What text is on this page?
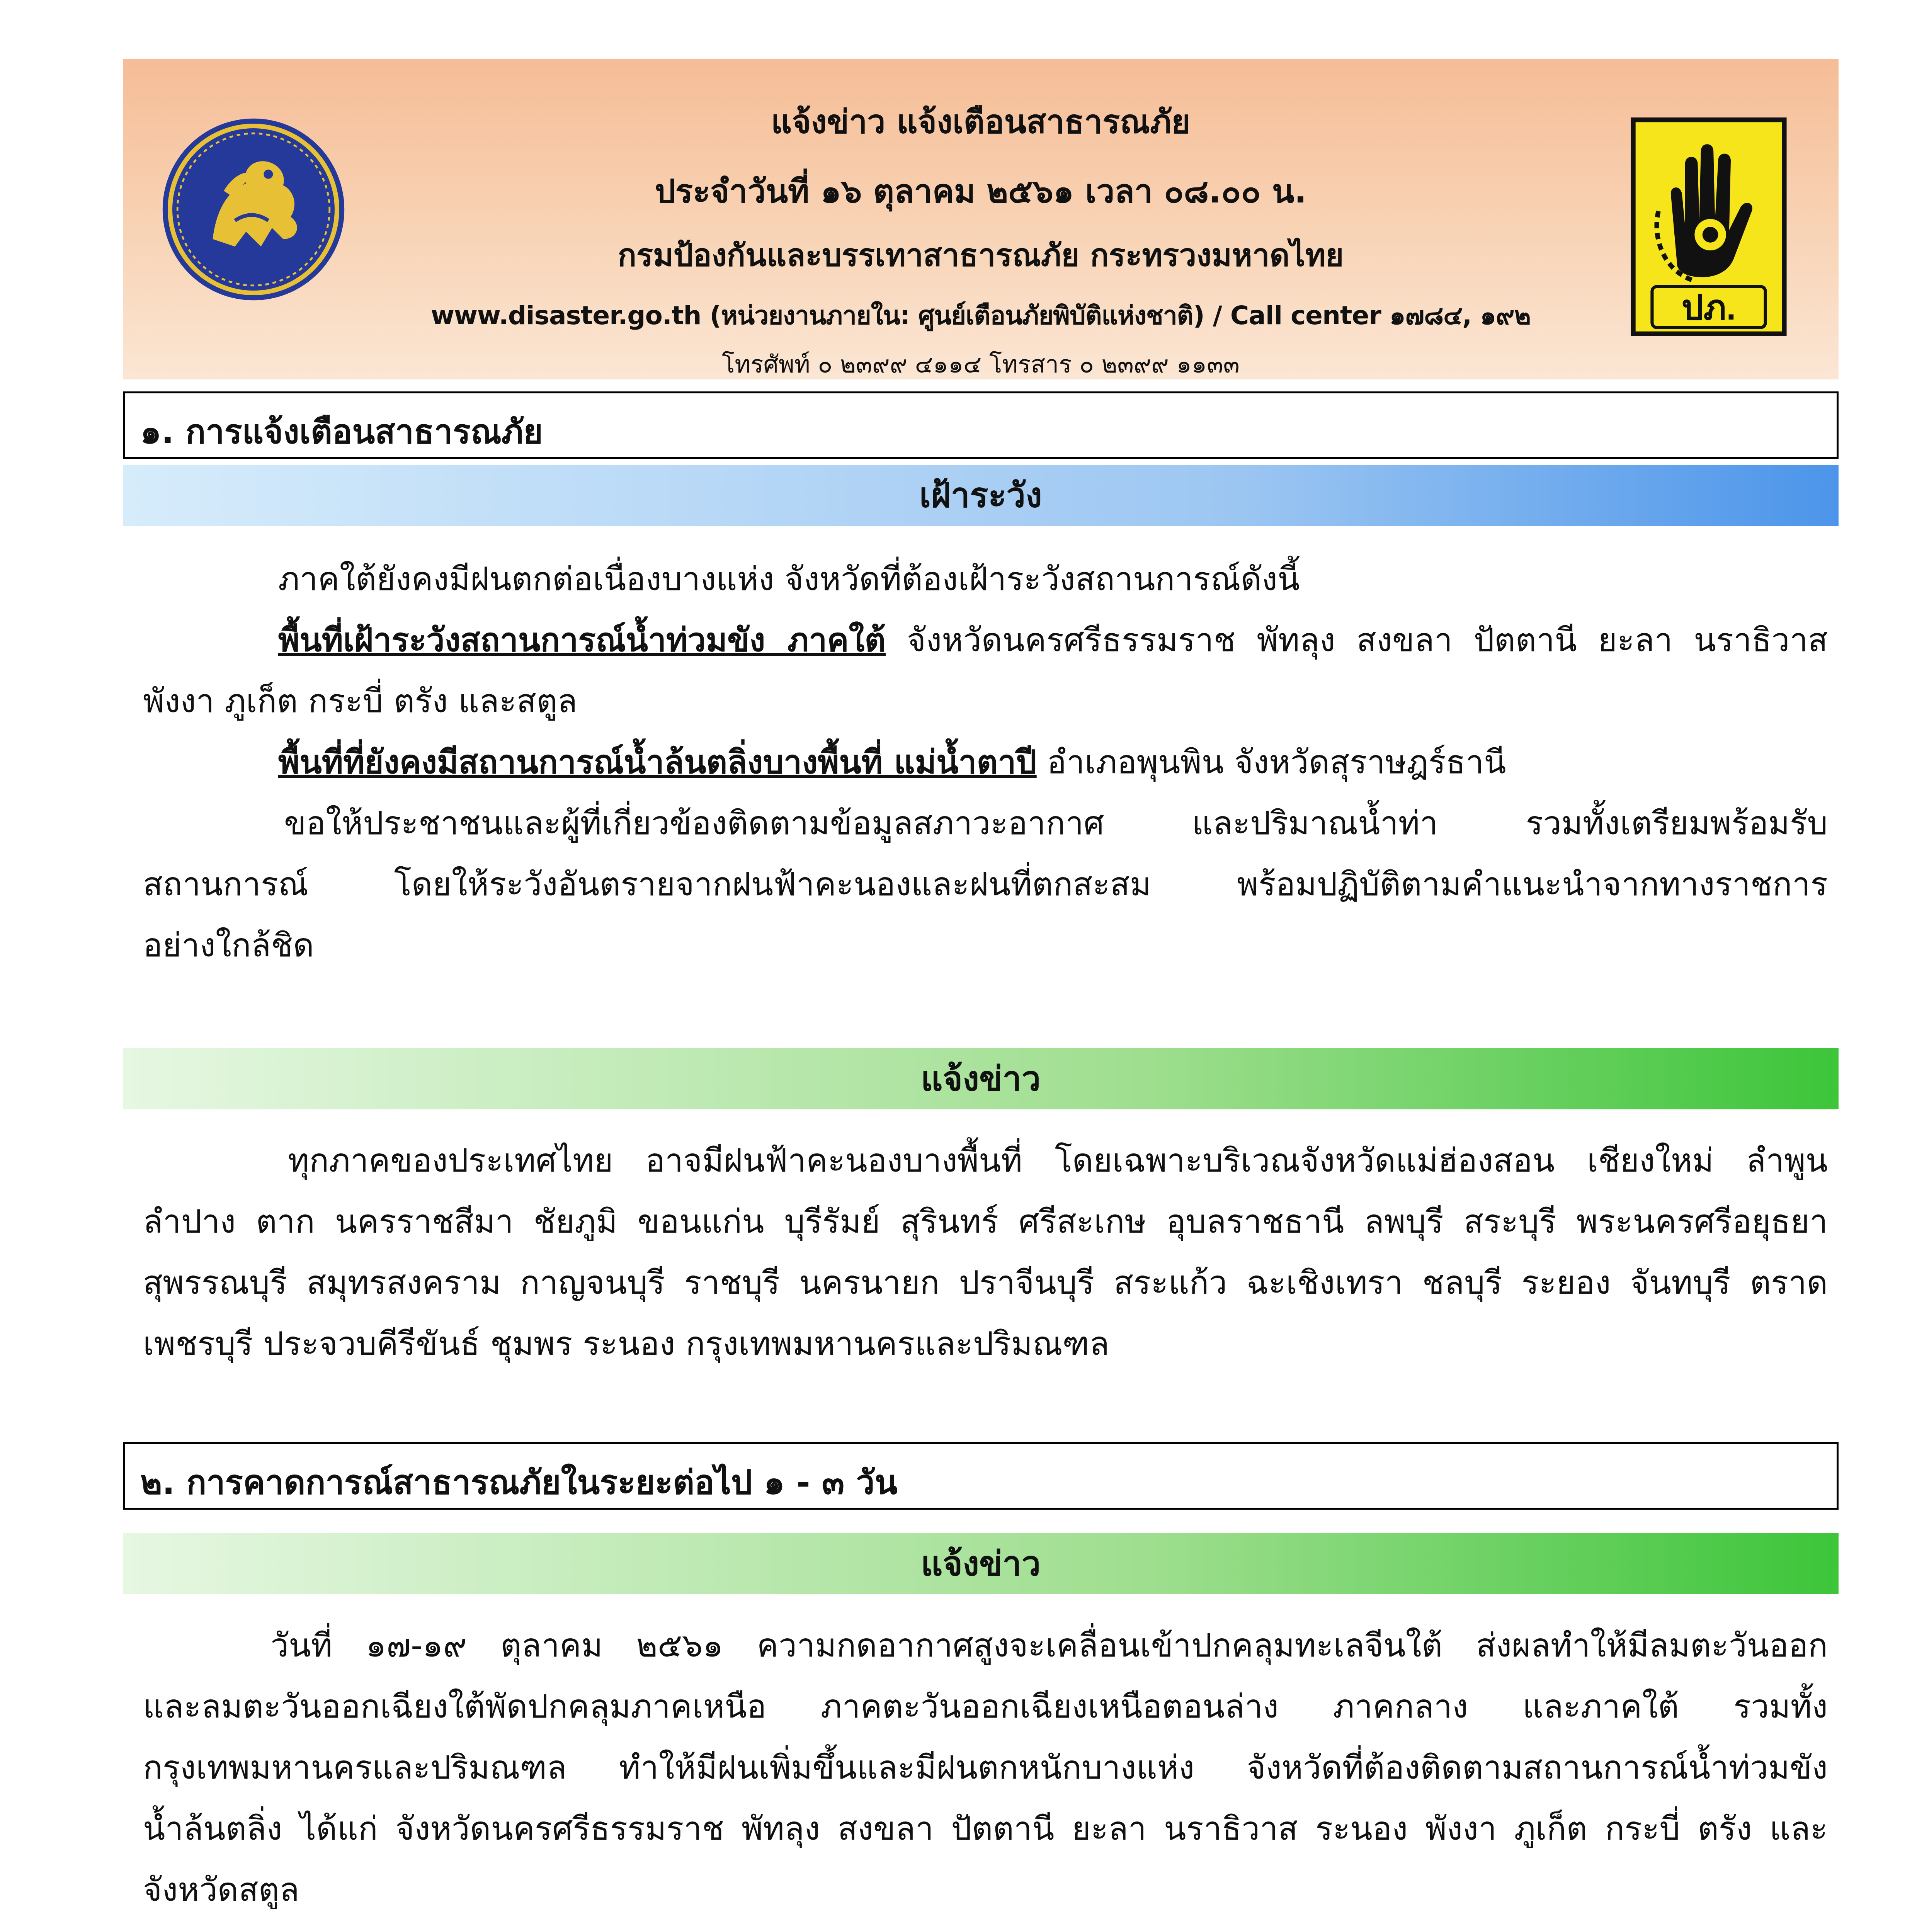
แจ้งข่าว แจ้งเตือนสาธารณภัย
ประจำวันที่ ๑๖ ตุลาคม ๒๕๖๑ เวลา ๐๘.๐๐ น.
กรมป้องกันและบรรเทาสาธารณภัย กระทรวงมหาดไทย
www.disaster.go.th (หน่วยงานภายใน: ศูนย์เตือนภัยพิบัติแห่งชาติ) / Call center ๑๗๘๔, ๑๙๒
โทรศัพท์ ๐ ๒๓๙๙ ๔๑๑๔ โทรสาร ๐ ๒๓๙๙ ๑๑๓๓
ปภ.
๑. การแจ้งเตือนสาธารณภัย
เฝ้าระวัง
ภาคใต้ยังคงมีฝนตกต่อเนื่องบางแห่ง จังหวัดที่ต้องเฝ้าระวังสถานการณ์ดังนี้
พื้นที่เฝ้าระวังสถานการณ์น้ำท่วมขัง ภาคใต้ จังหวัดนครศรีธรรมราช พัทลุง สงขลา ปัตตานี ยะลา นราธิวาส
พังงา ภูเก็ต กระบี่ ตรัง และสตูล
พื้นที่ที่ยังคงมีสถานการณ์น้ำล้นตลิ่งบางพื้นที่ แม่น้ำตาปี อำเภอพุนพิน จังหวัดสุราษฎร์ธานี
ขอให้ประชาชนและผู้ที่เกี่ยวข้องติดตามข้อมูลสภาวะอากาศ และปริมาณน้ำท่า รวมทั้งเตรียมพร้อมรับ
สถานการณ์ โดยให้ระวังอันตรายจากฝนฟ้าคะนองและฝนที่ตกสะสม พร้อมปฏิบัติตามคำแนะนำจากทางราชการ
อย่างใกล้ชิด
แจ้งข่าว
ทุกภาคของประเทศไทย อาจมีฝนฟ้าคะนองบางพื้นที่ โดยเฉพาะบริเวณจังหวัดแม่ฮ่องสอน เชียงใหม่ ลำพูน
ลำปาง ตาก นครราชสีมา ชัยภูมิ ขอนแก่น บุรีรัมย์ สุรินทร์ ศรีสะเกษ อุบลราชธานี ลพบุรี สระบุรี พระนครศรีอยุธยา
สุพรรณบุรี สมุทรสงคราม กาญจนบุรี ราชบุรี นครนายก ปราจีนบุรี สระแก้ว ฉะเชิงเทรา ชลบุรี ระยอง จันทบุรี ตราด
เพชรบุรี ประจวบคีรีขันธ์ ชุมพร ระนอง กรุงเทพมหานครและปริมณฑล
๒. การคาดการณ์สาธารณภัยในระยะต่อไป ๑ - ๓ วัน
แจ้งข่าว
วันที่ ๑๗-๑๙ ตุลาคม ๒๕๖๑ ความกดอากาศสูงจะเคลื่อนเข้าปกคลุมทะเลจีนใต้ ส่งผลทำให้มีลมตะวันออก
และลมตะวันออกเฉียงใต้พัดปกคลุมภาคเหนือ ภาคตะวันออกเฉียงเหนือตอนล่าง ภาคกลาง และภาคใต้ รวมทั้ง
กรุงเทพมหานครและปริมณฑล ทำให้มีฝนเพิ่มขึ้นและมีฝนตกหนักบางแห่ง จังหวัดที่ต้องติดตามสถานการณ์น้ำท่วมขัง
น้ำล้นตลิ่ง ได้แก่ จังหวัดนครศรีธรรมราช พัทลุง สงขลา ปัตตานี ยะลา นราธิวาส ระนอง พังงา ภูเก็ต กระบี่ ตรัง และ
จังหวัดสตูล
